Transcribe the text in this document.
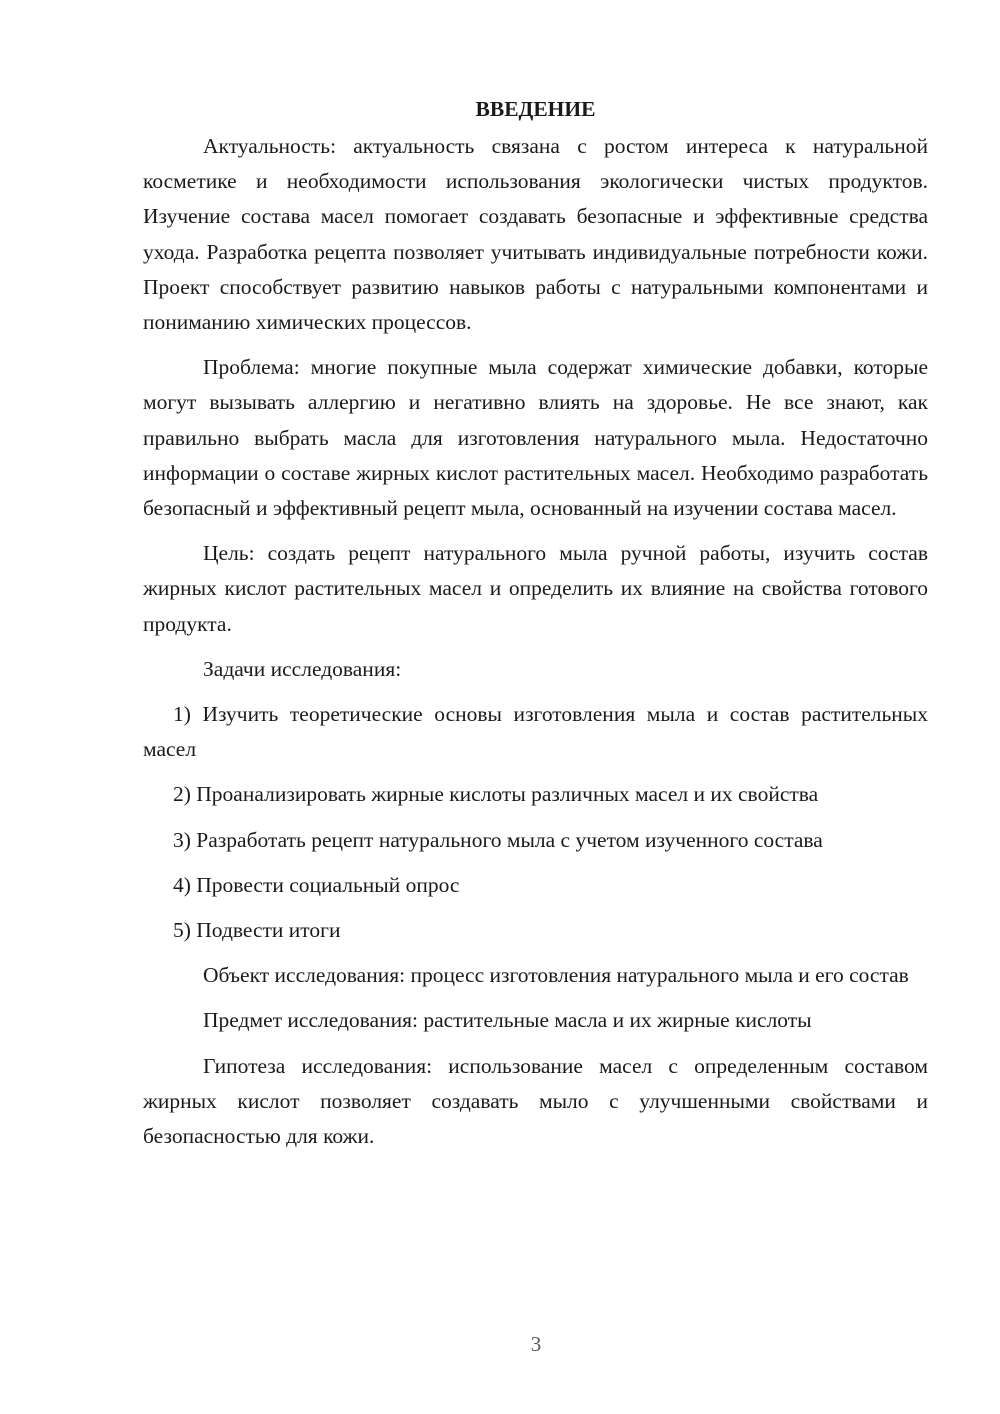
ВВЕДЕНИЕ

Актуальность: актуальность связана с ростом интереса к натуральной косметике и необходимости использования экологически чистых продуктов. Изучение состава масел помогает создавать безопасные и эффективные средства ухода. Разработка рецепта позволяет учитывать индивидуальные потребности кожи. Проект способствует развитию навыков работы с натуральными компонентами и пониманию химических процессов.

Проблема: многие покупные мыла содержат химические добавки, которые могут вызывать аллергию и негативно влиять на здоровье. Не все знают, как правильно выбрать масла для изготовления натурального мыла. Недостаточно информации о составе жирных кислот растительных масел. Необходимо разработать безопасный и эффективный рецепт мыла, основанный на изучении состава масел.

Цель: создать рецепт натурального мыла ручной работы, изучить состав жирных кислот растительных масел и определить их влияние на свойства готового продукта.

Задачи исследования:

1) Изучить теоретические основы изготовления мыла и состав растительных масел

2) Проанализировать жирные кислоты различных масел и их свойства

3) Разработать рецепт натурального мыла с учетом изученного состава

4) Провести социальный опрос

5) Подвести итоги

Объект исследования: процесс изготовления натурального мыла и его состав

Предмет исследования: растительные масла и их жирные кислоты

Гипотеза исследования: использование масел с определенным составом жирных кислот позволяет создавать мыло с улучшенными свойствами и безопасностью для кожи.

3
